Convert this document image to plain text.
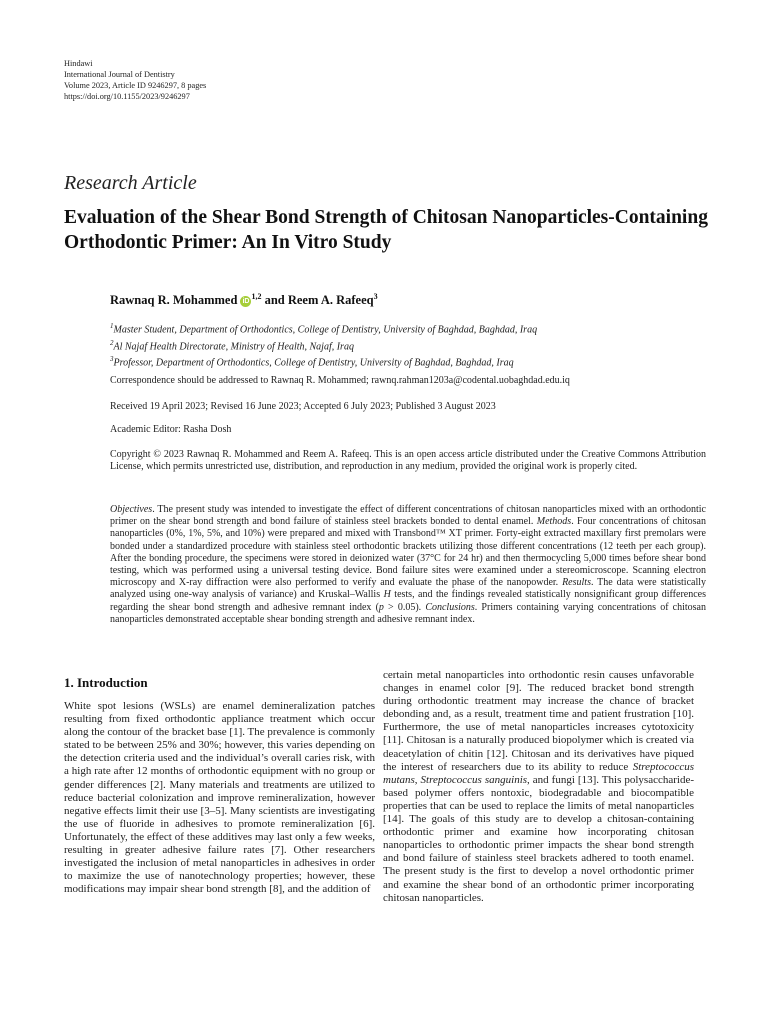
Hindawi
International Journal of Dentistry
Volume 2023, Article ID 9246297, 8 pages
https://doi.org/10.1155/2023/9246297
Research Article
Evaluation of the Shear Bond Strength of Chitosan Nanoparticles-Containing Orthodontic Primer: An In Vitro Study
Rawnaq R. Mohammed iD$^{1,2}$ and Reem A. Rafeeq$^3$
$^1$Master Student, Department of Orthodontics, College of Dentistry, University of Baghdad, Baghdad, Iraq
$^2$Al Najaf Health Directorate, Ministry of Health, Najaf, Iraq
$^3$Professor, Department of Orthodontics, College of Dentistry, University of Baghdad, Baghdad, Iraq
Correspondence should be addressed to Rawnaq R. Mohammed; rawnq.rahman1203a@codental.uobaghdad.edu.iq
Received 19 April 2023; Revised 16 June 2023; Accepted 6 July 2023; Published 3 August 2023
Academic Editor: Rasha Dosh
Copyright © 2023 Rawnaq R. Mohammed and Reem A. Rafeeq. This is an open access article distributed under the Creative Commons Attribution License, which permits unrestricted use, distribution, and reproduction in any medium, provided the original work is properly cited.
Objectives. The present study was intended to investigate the effect of different concentrations of chitosan nanoparticles mixed with an orthodontic primer on the shear bond strength and bond failure of stainless steel brackets bonded to dental enamel. Methods. Four concentrations of chitosan nanoparticles (0%, 1%, 5%, and 10%) were prepared and mixed with Transbond™ XT primer. Forty-eight extracted maxillary first premolars were bonded under a standardized procedure with stainless steel orthodontic brackets utilizing those different concentrations (12 teeth per each group). After the bonding procedure, the specimens were stored in deionized water (37°C for 24 hr) and then thermocycling 5,000 times before shear bond testing, which was performed using a universal testing device. Bond failure sites were examined under a stereomicroscope. Scanning electron microscopy and X-ray diffraction were also performed to verify and evaluate the phase of the nanopowder. Results. The data were statistically analyzed using one-way analysis of variance) and Kruskal–Wallis H tests, and the findings revealed statistically nonsignificant group differences regarding the shear bond strength and adhesive remnant index (p > 0.05). Conclusions. Primers containing varying concentrations of chitosan nanoparticles demonstrated acceptable shear bonding strength and adhesive remnant index.
1. Introduction

White spot lesions (WSLs) are enamel demineralization patches resulting from fixed orthodontic appliance treatment which occur along the contour of the bracket base [1]. The prevalence is commonly stated to be between 25% and 30%; however, this varies depending on the detection criteria used and the individual’s overall caries risk, with a high rate after 12 months of orthodontic equipment with no group or gender differences [2]. Many materials and treatments are utilized to reduce bacterial colonization and improve remineralization, however negative effects limit their use [3–5]. Many scientists are investigating the use of fluoride in adhesives to promote remineralization [6]. Unfortunately, the effect of these additives may last only a few weeks, resulting in greater adhesive failure rates [7]. Other researchers investigated the inclusion of metal nanoparticles in adhesives in order to maximize the use of nanotechnology properties; however, these modifications may impair shear bond strength [8], and the addition of

certain metal nanoparticles into orthodontic resin causes unfavorable changes in enamel color [9]. The reduced bracket bond strength during orthodontic treatment may increase the chance of bracket debonding and, as a result, treatment time and patient frustration [10]. Furthermore, the use of metal nanoparticles increases cytotoxicity [11]. Chitosan is a naturally produced biopolymer which is created via deacetylation of chitin [12]. Chitosan and its derivatives have piqued the interest of researchers due to its ability to reduce Streptococcus mutans, Streptococcus sanguinis, and fungi [13]. This polysaccharide-based polymer offers nontoxic, biodegradable and biocompatible properties that can be used to replace the limits of metal nanoparticles [14]. The goals of this study are to develop a chitosan-containing orthodontic primer and examine how incorporating chitosan nanoparticles to orthodontic primer impacts the shear bond strength and bond failure of stainless steel brackets adhered to tooth enamel. The present study is the first to develop a novel orthodontic primer and examine the shear bond of an orthodontic primer incorporating chitosan nanoparticles.
